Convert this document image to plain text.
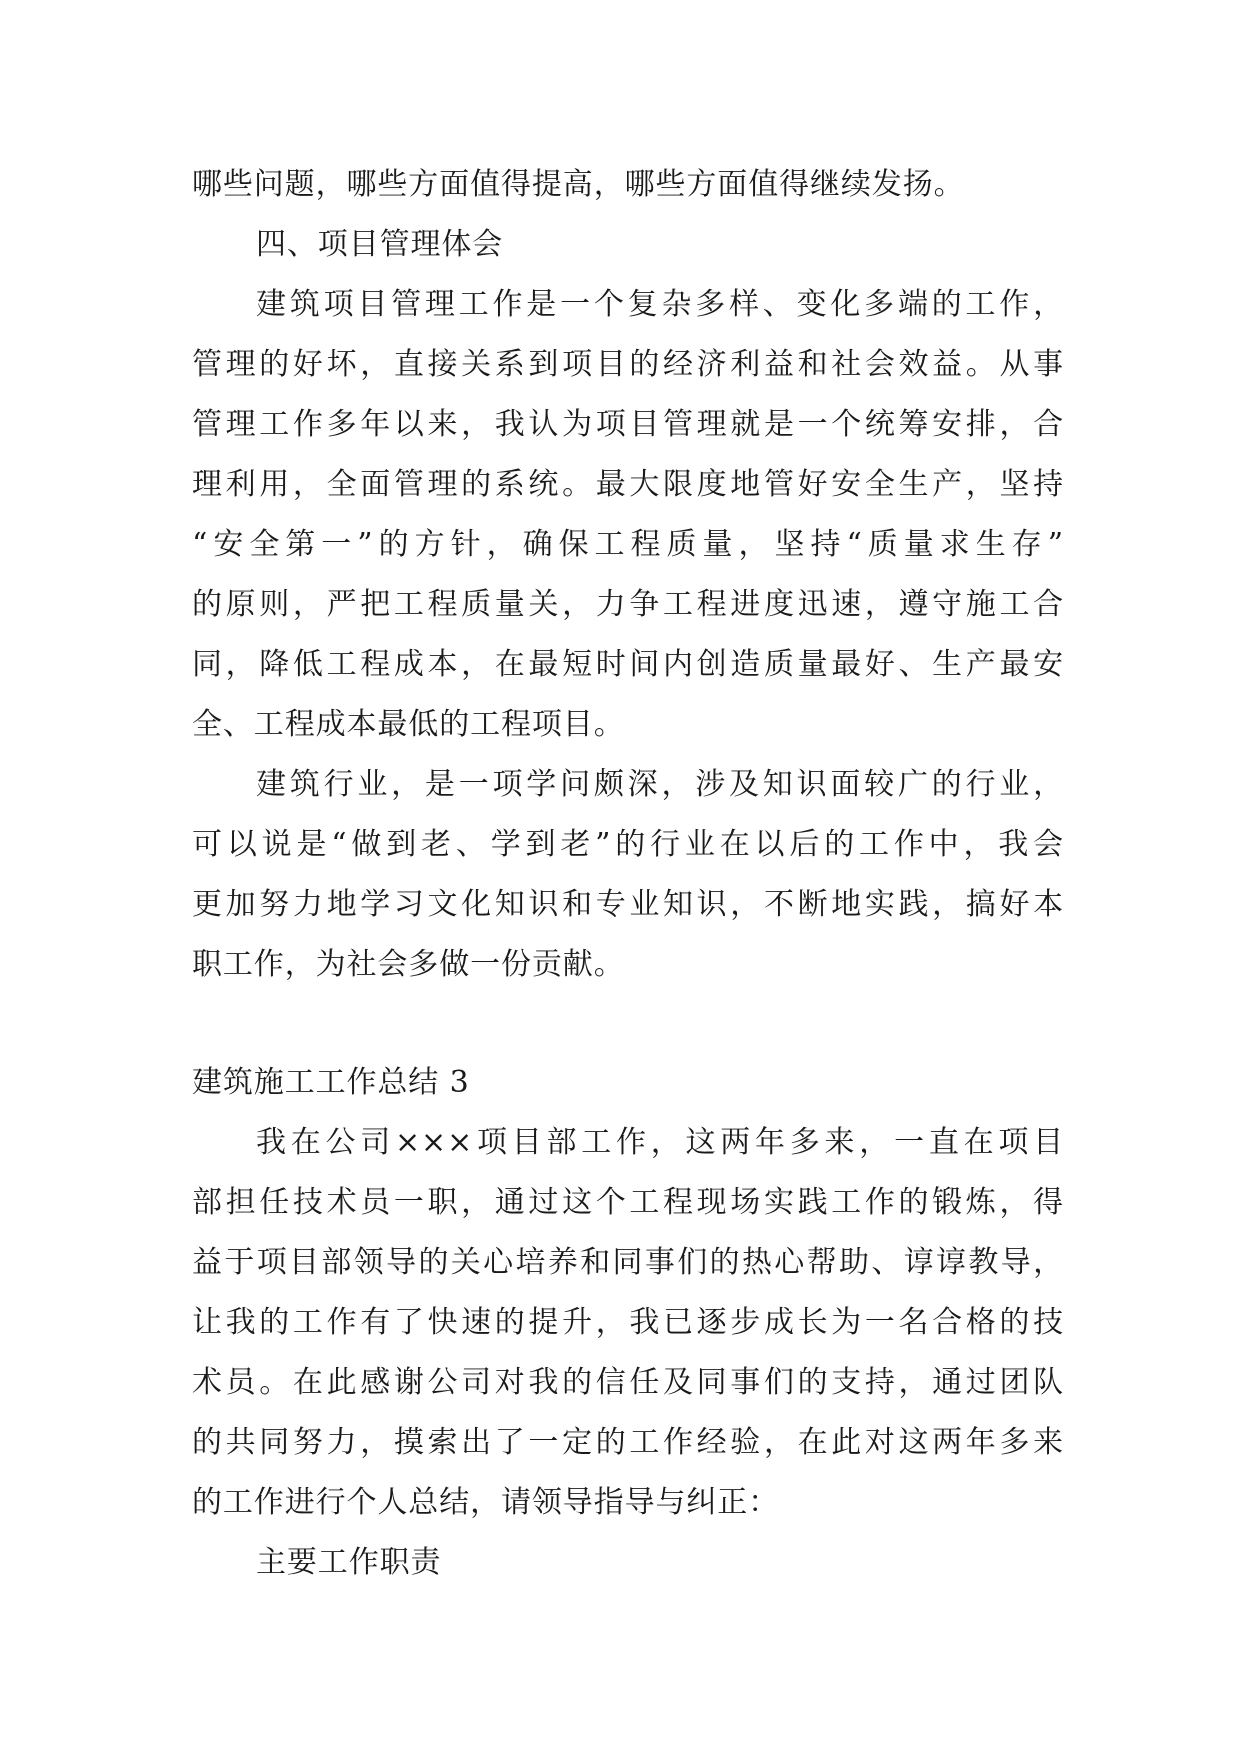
哪些问题，哪些方面值得提高，哪些方面值得继续发扬。
四、项目管理体会
建筑项目管理工作是一个复杂多样、变化多端的工作，
管理的好坏，直接关系到项目的经济利益和社会效益。从事
管理工作多年以来，我认为项目管理就是一个统筹安排，合
理利用，全面管理的系统。最大限度地管好安全生产，坚持
“安全第一”的方针，确保工程质量，坚持“质量求生存”
的原则，严把工程质量关，力争工程进度迅速，遵守施工合
同，降低工程成本，在最短时间内创造质量最好、生产最安
全、工程成本最低的工程项目。
建筑行业，是一项学问颇深，涉及知识面较广的行业，
可以说是“做到老、学到老”的行业在以后的工作中，我会
更加努力地学习文化知识和专业知识，不断地实践，搞好本
职工作，为社会多做一份贡献。
建筑施工工作总结 3
我在公司×××项目部工作，这两年多来，一直在项目
部担任技术员一职，通过这个工程现场实践工作的锻炼，得
益于项目部领导的关心培养和同事们的热心帮助、谆谆教导，
让我的工作有了快速的提升，我已逐步成长为一名合格的技
术员。在此感谢公司对我的信任及同事们的支持，通过团队
的共同努力，摸索出了一定的工作经验，在此对这两年多来
的工作进行个人总结，请领导指导与纠正：
主要工作职责
